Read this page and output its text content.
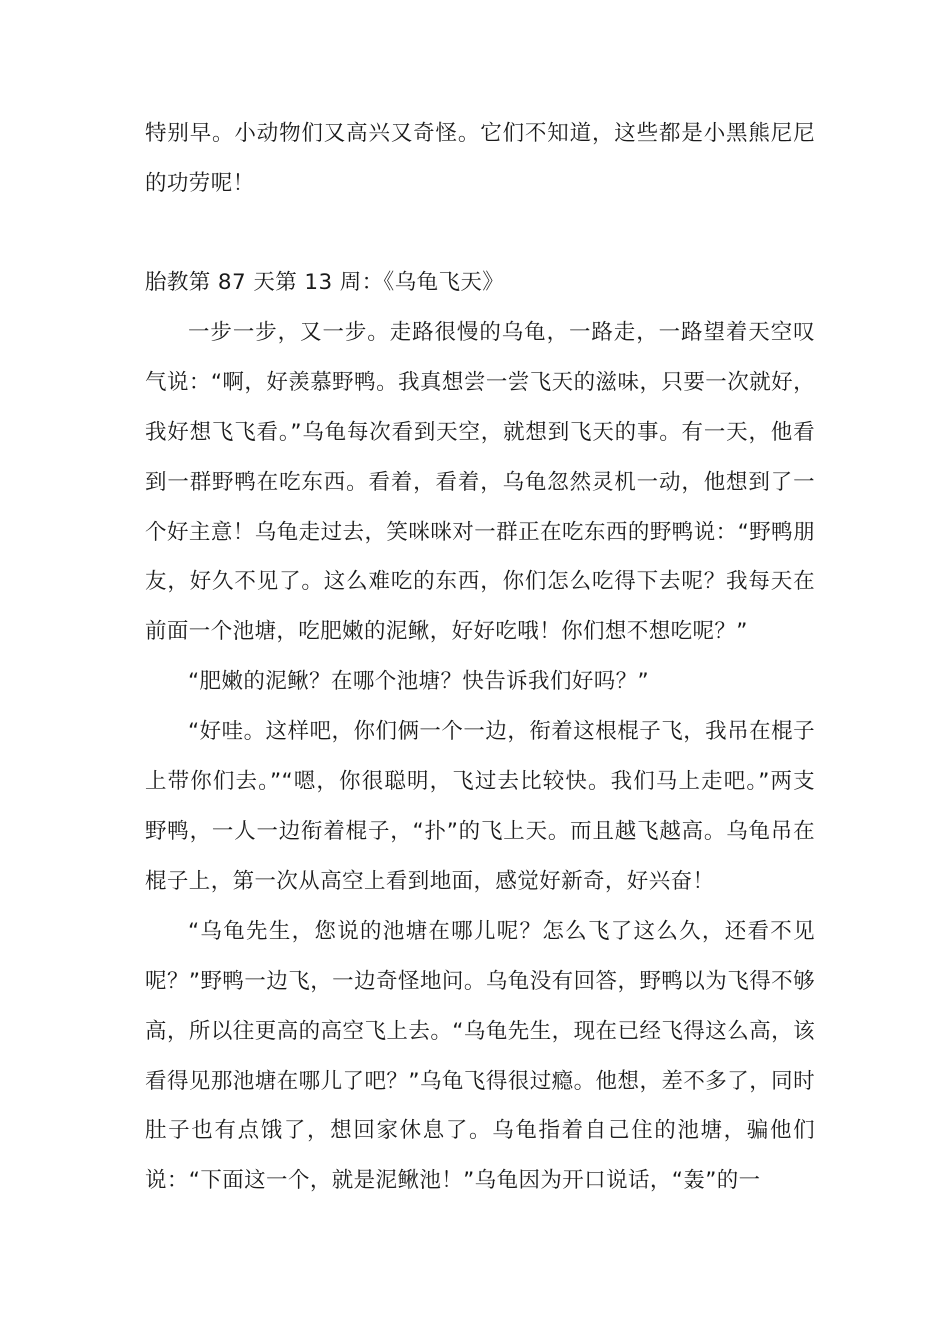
特别早。小动物们又高兴又奇怪。它们不知道，这些都是小黑熊尼尼的功劳呢！

胎教第 87 天第 13 周：《乌龟飞天》

一步一步，又一步。走路很慢的乌龟，一路走，一路望着天空叹气说：“啊，好羡慕野鸭。我真想尝一尝飞天的滋味，只要一次就好，我好想飞飞看。”乌龟每次看到天空，就想到飞天的事。有一天，他看到一群野鸭在吃东西。看着，看着，乌龟忽然灵机一动，他想到了一个好主意！乌龟走过去，笑咪咪对一群正在吃东西的野鸭说：“野鸭朋友，好久不见了。这么难吃的东西，你们怎么吃得下去呢？我每天在前面一个池塘，吃肥嫩的泥鳅，好好吃哦！你们想不想吃呢？”

“肥嫩的泥鳅？在哪个池塘？快告诉我们好吗？”

“好哇。这样吧，你们俩一个一边，衔着这根棍子飞，我吊在棍子上带你们去。”“嗯，你很聪明，飞过去比较快。我们马上走吧。”两支野鸭，一人一边衔着棍子，“扑”的飞上天。而且越飞越高。乌龟吊在棍子上，第一次从高空上看到地面，感觉好新奇，好兴奋！

“乌龟先生，您说的池塘在哪儿呢？怎么飞了这么久，还看不见呢？”野鸭一边飞，一边奇怪地问。乌龟没有回答，野鸭以为飞得不够高，所以往更高的高空飞上去。“乌龟先生，现在已经飞得这么高，该看得见那池塘在哪儿了吧？”乌龟飞得很过瘾。他想，差不多了，同时肚子也有点饿了，想回家休息了。乌龟指着自己住的池塘，骗他们说：“下面这一个，就是泥鳅池！”乌龟因为开口说话，“轰”的一
